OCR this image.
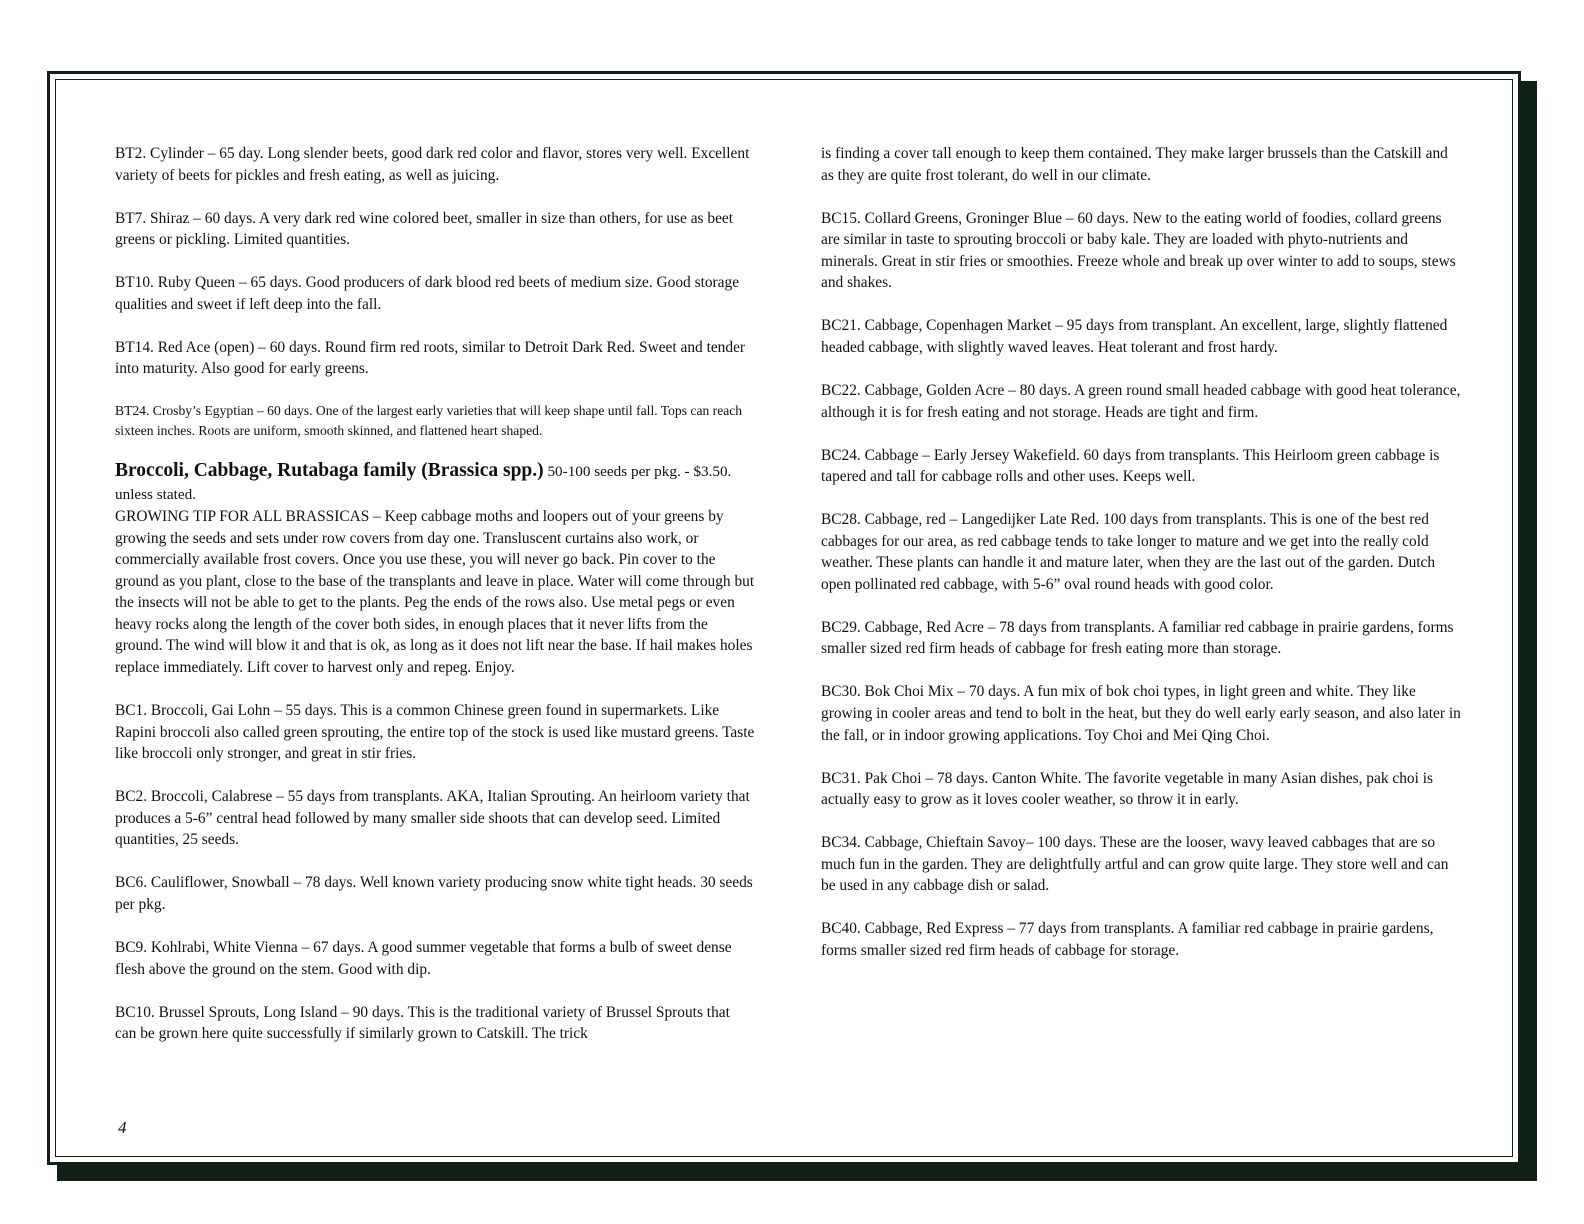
BT2. Cylinder – 65 day. Long slender beets, good dark red color and flavor, stores very well. Excellent variety of beets for pickles and fresh eating, as well as juicing.

BT7. Shiraz – 60 days. A very dark red wine colored beet, smaller in size than others, for use as beet greens or pickling. Limited quantities.

BT10. Ruby Queen – 65 days. Good producers of dark blood red beets of medium size. Good storage qualities and sweet if left deep into the fall.

BT14. Red Ace (open) – 60 days. Round firm red roots, similar to Detroit Dark Red. Sweet and tender into maturity. Also good for early greens.

BT24. Crosby’s Egyptian – 60 days. One of the largest early varieties that will keep shape until fall. Tops can reach sixteen inches. Roots are uniform, smooth skinned, and flattened heart shaped.

Broccoli, Cabbage, Rutabaga family (Brassica spp.) 50-100 seeds per pkg. - $3.50. unless stated.

GROWING TIP FOR ALL BRASSICAS – Keep cabbage moths and loopers out of your greens by growing the seeds and sets under row covers from day one. Transluscent curtains also work, or commercially available frost covers. Once you use these, you will never go back. Pin cover to the ground as you plant, close to the base of the transplants and leave in place. Water will come through but the insects will not be able to get to the plants. Peg the ends of the rows also. Use metal pegs or even heavy rocks along the length of the cover both sides, in enough places that it never lifts from the ground. The wind will blow it and that is ok, as long as it does not lift near the base. If hail makes holes replace immediately. Lift cover to harvest only and repeg. Enjoy.

BC1. Broccoli, Gai Lohn – 55 days. This is a common Chinese green found in supermarkets. Like Rapini broccoli also called green sprouting, the entire top of the stock is used like mustard greens. Taste like broccoli only stronger, and great in stir fries.

BC2. Broccoli, Calabrese – 55 days from transplants. AKA, Italian Sprouting. An heirloom variety that produces a 5-6” central head followed by many smaller side shoots that can develop seed. Limited quantities, 25 seeds.

BC6. Cauliflower, Snowball – 78 days. Well known variety producing snow white tight heads. 30 seeds per pkg.

BC9. Kohlrabi, White Vienna – 67 days. A good summer vegetable that forms a bulb of sweet dense flesh above the ground on the stem. Good with dip.

BC10. Brussel Sprouts, Long Island – 90 days. This is the traditional variety of Brussel Sprouts that can be grown here quite successfully if similarly grown to Catskill. The trick

is finding a cover tall enough to keep them contained. They make larger brussels than the Catskill and as they are quite frost tolerant, do well in our climate.

BC15. Collard Greens, Groninger Blue – 60 days. New to the eating world of foodies, collard greens are similar in taste to sprouting broccoli or baby kale. They are loaded with phyto-nutrients and minerals. Great in stir fries or smoothies. Freeze whole and break up over winter to add to soups, stews and shakes.

BC21. Cabbage, Copenhagen Market – 95 days from transplant. An excellent, large, slightly flattened headed cabbage, with slightly waved leaves. Heat tolerant and frost hardy.

BC22. Cabbage, Golden Acre – 80 days. A green round small headed cabbage with good heat tolerance, although it is for fresh eating and not storage. Heads are tight and firm.

BC24. Cabbage – Early Jersey Wakefield. 60 days from transplants. This Heirloom green cabbage is tapered and tall for cabbage rolls and other uses. Keeps well.

BC28. Cabbage, red – Langedijker Late Red. 100 days from transplants. This is one of the best red cabbages for our area, as red cabbage tends to take longer to mature and we get into the really cold weather. These plants can handle it and mature later, when they are the last out of the garden. Dutch open pollinated red cabbage, with 5-6” oval round heads with good color.

BC29. Cabbage, Red Acre – 78 days from transplants. A familiar red cabbage in prairie gardens, forms smaller sized red firm heads of cabbage for fresh eating more than storage.

BC30. Bok Choi Mix – 70 days. A fun mix of bok choi types, in light green and white. They like growing in cooler areas and tend to bolt in the heat, but they do well early early season, and also later in the fall, or in indoor growing applications. Toy Choi and Mei Qing Choi.

BC31. Pak Choi – 78 days. Canton White. The favorite vegetable in many Asian dishes, pak choi is actually easy to grow as it loves cooler weather, so throw it in early.

BC34. Cabbage, Chieftain Savoy– 100 days. These are the looser, wavy leaved cabbages that are so much fun in the garden. They are delightfully artful and can grow quite large. They store well and can be used in any cabbage dish or salad.

BC40. Cabbage, Red Express – 77 days from transplants. A familiar red cabbage in prairie gardens, forms smaller sized red firm heads of cabbage for storage.

4
